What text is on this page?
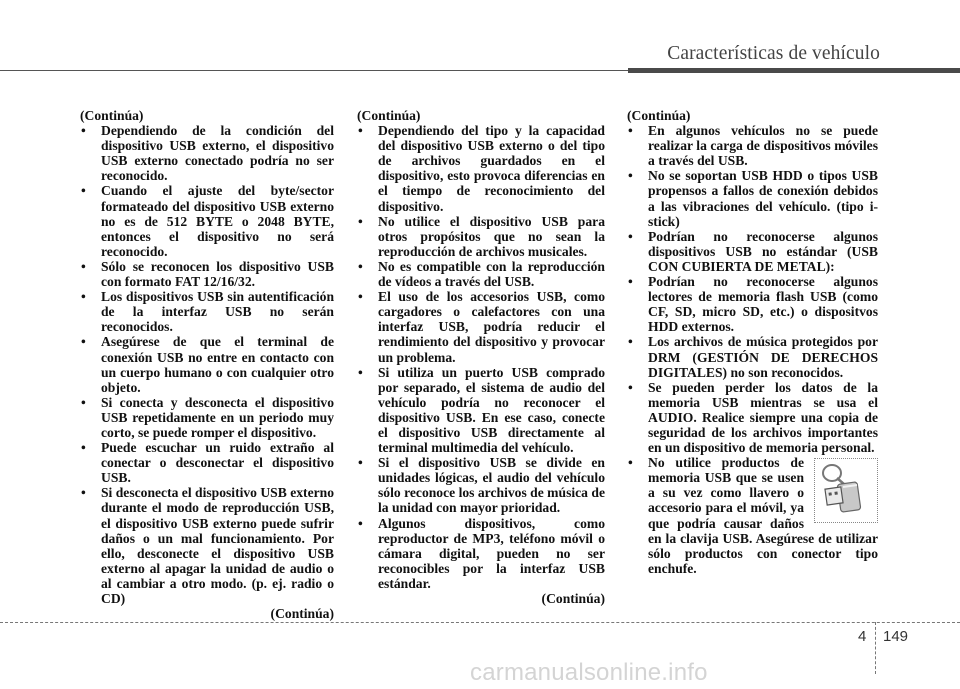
Características de vehículo

(Continúa)

• Dependiendo de la condición del dispositivo USB externo, el dispositivo USB externo conectado podría no ser reconocido.
• Cuando el ajuste del byte/sector formateado del dispositivo USB externo no es de 512 BYTE o 2048 BYTE, entonces el dispositivo no será reconocido.
• Sólo se reconocen los dispositivo USB con formato FAT 12/16/32.
• Los dispositivos USB sin autentificación de la interfaz USB no serán reconocidos.
• Asegúrese de que el terminal de conexión USB no entre en contacto con un cuerpo humano o con cualquier otro objeto.
• Si conecta y desconecta el dispositivo USB repetidamente en un periodo muy corto, se puede romper el dispositivo.
• Puede escuchar un ruido extraño al conectar o desconectar el dispositivo USB.
• Si desconecta el dispositivo USB externo durante el modo de reproducción USB, el dispositivo USB externo puede sufrir daños o un mal funcionamiento. Por ello, desconecte el dispositivo USB externo al apagar la unidad de audio o al cambiar a otro modo. (p. ej. radio o CD)

(Continúa)

(Continúa)

• Dependiendo del tipo y la capacidad del dispositivo USB externo o del tipo de archivos guardados en el dispositivo, esto provoca diferencias en el tiempo de reconocimiento del dispositivo.
• No utilice el dispositivo USB para otros propósitos que no sean la reproducción de archivos musicales.
• No es compatible con la reproducción de vídeos a través del USB.
• El uso de los accesorios USB, como cargadores o calefactores con una interfaz USB, podría reducir el rendimiento del dispositivo y provocar un problema.
• Si utiliza un puerto USB comprado por separado, el sistema de audio del vehículo podría no reconocer el dispositivo USB. En ese caso, conecte el dispositivo USB directamente al terminal multimedia del vehículo.
• Si el dispositivo USB se divide en unidades lógicas, el audio del vehículo sólo reconoce los archivos de música de la unidad con mayor prioridad.
• Algunos dispositivos, como reproductor de MP3, teléfono móvil o cámara digital, pueden no ser reconocibles por la interfaz USB estándar.

(Continúa)

(Continúa)

• En algunos vehículos no se puede realizar la carga de dispositivos móviles a través del USB.
• No se soportan USB HDD o tipos USB propensos a fallos de conexión debidos a las vibraciones del vehículo. (tipo i-stick)
• Podrían no reconocerse algunos dispositivos USB no estándar (USB CON CUBIERTA DE METAL):
• Podrían no reconocerse algunos lectores de memoria flash USB (como CF, SD, micro SD, etc.) o dispositvos HDD externos.
• Los archivos de música protegidos por DRM (GESTIÓN DE DERECHOS DIGITALES) no son reconocidos.
• Se pueden perder los datos de la memoria USB mientras se usa el AUDIO. Realice siempre una copia de seguridad de los archivos importantes en un dispositivo de memoria personal.
• No utilice productos de memoria USB que se usen a su vez como llavero o accesorio para el móvil, ya que podría causar daños en la clavija USB. Asegúrese de utilizar sólo productos con conector tipo enchufe.
4 149
carmanualsonline.info
